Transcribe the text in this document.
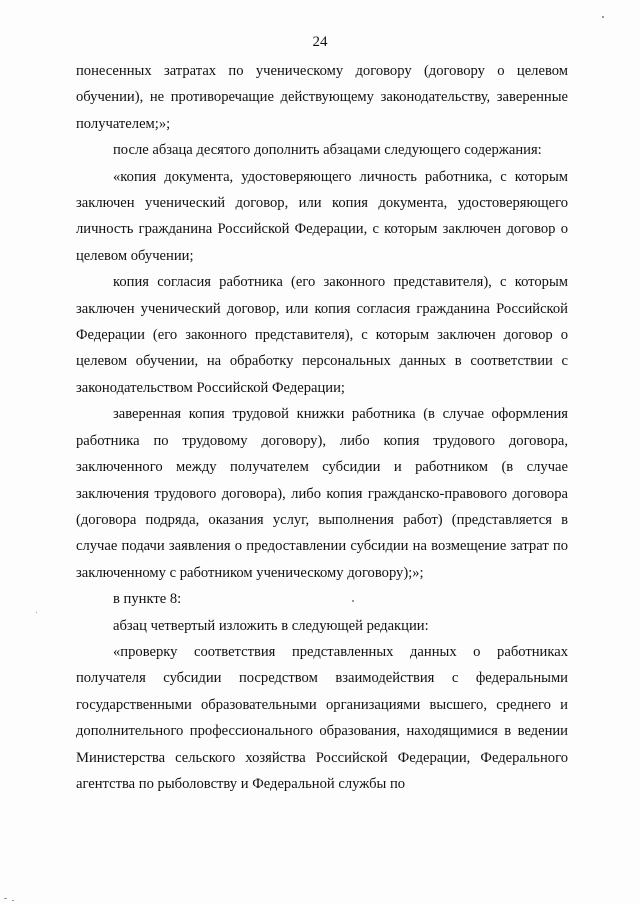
24

понесенных затратах по ученическому договору (договору о целевом обучении), не противоречащие действующему законодательству, заверенные получателем;»;

после абзаца десятого дополнить абзацами следующего содержания:

«копия документа, удостоверяющего личность работника, с которым заключен ученический договор, или копия документа, удостоверяющего личность гражданина Российской Федерации, с которым заключен договор о целевом обучении;

копия согласия работника (его законного представителя), с которым заключен ученический договор, или копия согласия гражданина Российской Федерации (его законного представителя), с которым заключен договор о целевом обучении, на обработку персональных данных в соответствии с законодательством Российской Федерации;

заверенная копия трудовой книжки работника (в случае оформления работника по трудовому договору), либо копия трудового договора, заключенного между получателем субсидии и работником (в случае заключения трудового договора), либо копия гражданско-правового договора (договора подряда, оказания услуг, выполнения работ) (представляется в случае подачи заявления о предоставлении субсидии на возмещение затрат по заключенному с работником ученическому договору);»;

в пункте 8:

абзац четвертый изложить в следующей редакции:

«проверку соответствия представленных данных о работниках получателя субсидии посредством взаимодействия с федеральными государственными образовательными организациями высшего, среднего и дополнительного профессионального образования, находящимися в ведении Министерства сельского хозяйства Российской Федерации, Федерального агентства по рыболовству и Федеральной службы по
